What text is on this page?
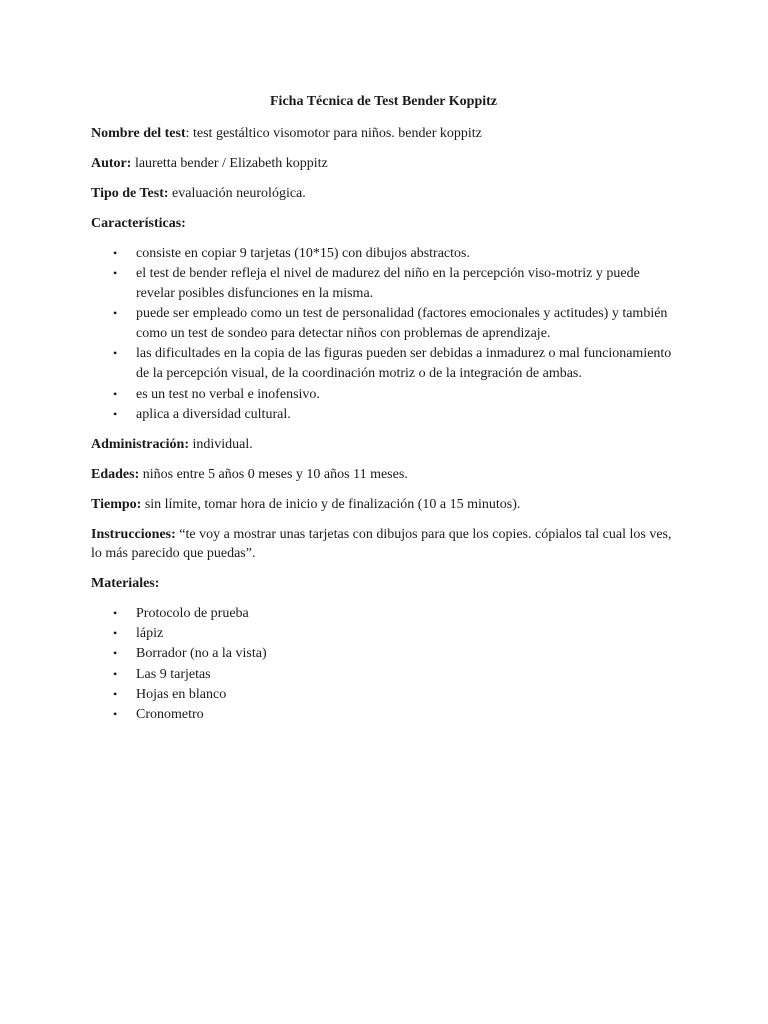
Ficha Técnica de Test Bender Koppitz
Nombre del test: test gestáltico visomotor para niños. bender koppitz
Autor: lauretta bender / Elizabeth koppitz
Tipo de Test: evaluación neurológica.
Características:
• consiste en copiar 9 tarjetas (10*15) con dibujos abstractos.
• el test de bender refleja el nivel de madurez del niño en la percepción viso-motriz y puede revelar posibles disfunciones en la misma.
• puede ser empleado como un test de personalidad (factores emocionales y actitudes) y también como un test de sondeo para detectar niños con problemas de aprendizaje.
• las dificultades en la copia de las figuras pueden ser debidas a inmadurez o mal funcionamiento de la percepción visual, de la coordinación motriz o de la integración de ambas.
• es un test no verbal e inofensivo.
• aplica a diversidad cultural.
Administración: individual.
Edades: niños entre 5 años 0 meses y 10 años 11 meses.
Tiempo: sin límite, tomar hora de inicio y de finalización (10 a 15 minutos).
Instrucciones: “te voy a mostrar unas tarjetas con dibujos para que los copies. cópialos tal cual los ves, lo más parecido que puedas”.
Materiales:
• Protocolo de prueba
• lápiz
• Borrador (no a la vista)
• Las 9 tarjetas
• Hojas en blanco
• Cronometro
